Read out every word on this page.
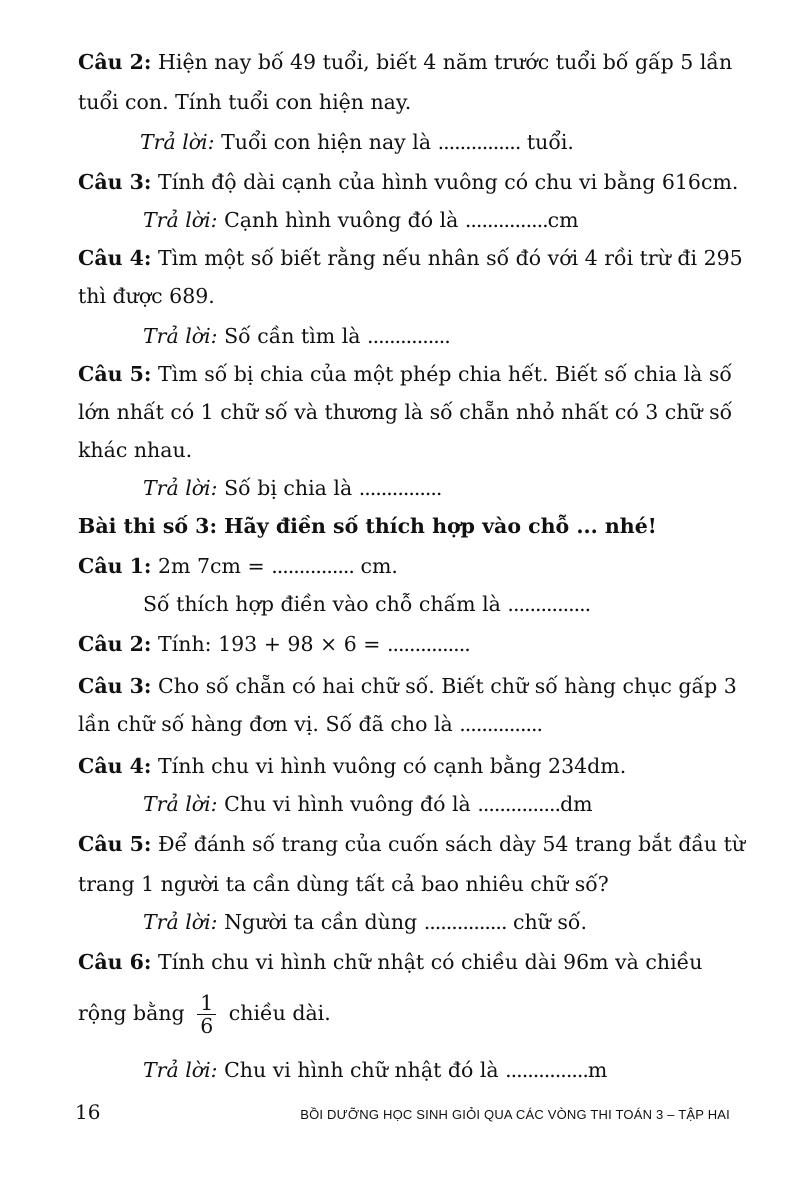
Câu 2: Hiện nay bố 49 tuổi, biết 4 năm trước tuổi bố gấp 5 lần
tuổi con. Tính tuổi con hiện nay.
Trả lời: Tuổi con hiện nay là ............... tuổi.
Câu 3: Tính độ dài cạnh của hình vuông có chu vi bằng 616cm.
Trả lời: Cạnh hình vuông đó là ...............cm
Câu 4: Tìm một số biết rằng nếu nhân số đó với 4 rồi trừ đi 295
thì được 689.
Trả lời: Số cần tìm là ...............
Câu 5: Tìm số bị chia của một phép chia hết. Biết số chia là số
lớn nhất có 1 chữ số và thương là số chẵn nhỏ nhất có 3 chữ số
khác nhau.
Trả lời: Số bị chia là ...............
Bài thi số 3: Hãy điền số thích hợp vào chỗ ... nhé!
Câu 1: 2m 7cm = ............... cm.
Số thích hợp điền vào chỗ chấm là ...............
Câu 2: Tính: 193 + 98 × 6 = ...............
Câu 3: Cho số chẵn có hai chữ số. Biết chữ số hàng chục gấp 3
lần chữ số hàng đơn vị. Số đã cho là ...............
Câu 4: Tính chu vi hình vuông có cạnh bằng 234dm.
Trả lời: Chu vi hình vuông đó là ...............dm
Câu 5: Để đánh số trang của cuốn sách dày 54 trang bắt đầu từ
trang 1 người ta cần dùng tất cả bao nhiêu chữ số?
Trả lời: Người ta cần dùng ............... chữ số.
Câu 6: Tính chu vi hình chữ nhật có chiều dài 96m và chiều
rộng bằng $\frac{1}{6}$ chiều dài.
Trả lời: Chu vi hình chữ nhật đó là ...............m
16	BỒI DƯỠNG HỌC SINH GIỎI QUA CÁC VÒNG THI TOÁN 3 – TẬP HAI
